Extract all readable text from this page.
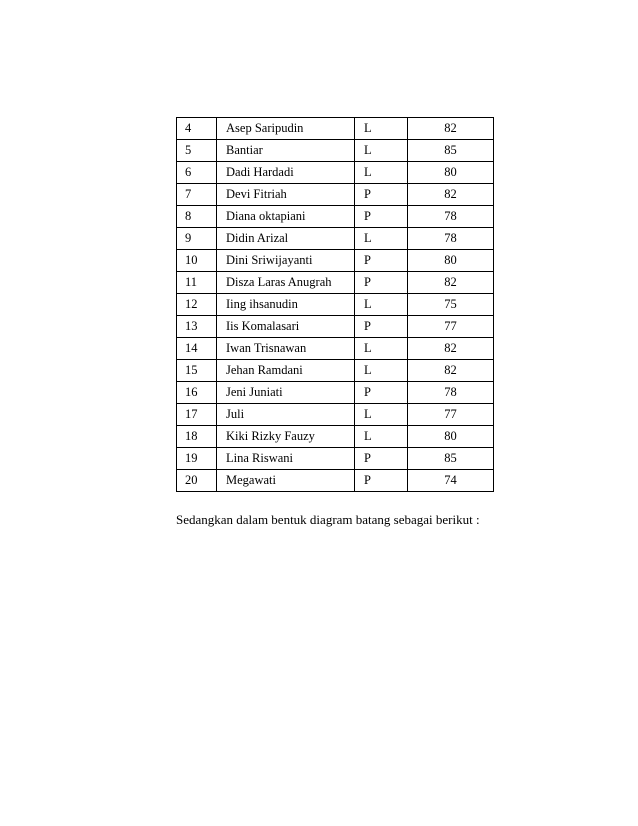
4	Asep Saripudin	L	82
5	Bantiar	L	85
6	Dadi Hardadi	L	80
7	Devi Fitriah	P	82
8	Diana oktapiani	P	78
9	Didin Arizal	L	78
10	Dini Sriwijayanti	P	80
11	Disza Laras Anugrah	P	82
12	Iing ihsanudin	L	75
13	Iis Komalasari	P	77
14	Iwan Trisnawan	L	82
15	Jehan Ramdani	L	82
16	Jeni Juniati	P	78
17	Juli	L	77
18	Kiki Rizky Fauzy	L	80
19	Lina Riswani	P	85
20	Megawati	P	74
Sedangkan dalam bentuk diagram batang sebagai berikut :
